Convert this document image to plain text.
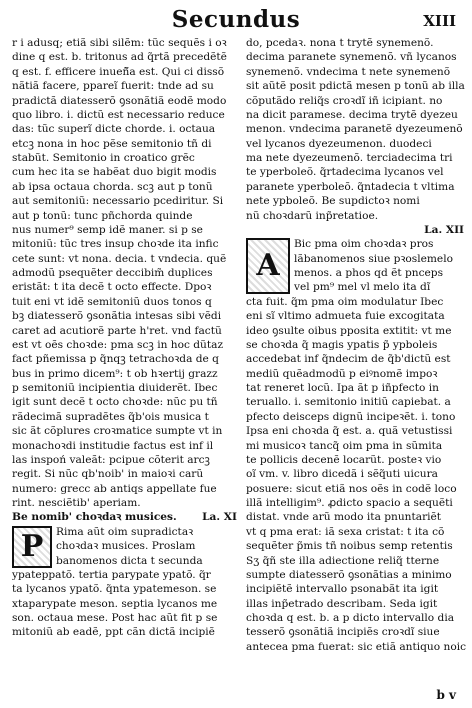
Secundus	XIII
r i adusq; etiã sibi silẽm: tũc sequẽs i oꝛ
dine q est. b. tritonus ad q̃rtã precedẽtẽ
q est. f. efficere inueñ̃a est. Qui ci dissõ
nãtiã facere, ppareĩ fuerit: tnde ad su
pradictã diatesserõ ꝯsonãtiã eodẽ modo
quo libro. i. dictũ est necessario reduce
das: tũc superĩ dicte chorde. i. octaua
etcꝫ nona in hoc pẽse semitonio tñ di
stabũt. Semitonio in croatico grẽc
cum hec ita se habẽat duo bigit modis
ab ipsa octaua chorda. scꝫ aut p tonũ
aut semitoniũ: necessario pcediritur. Si
aut p tonũ: tunc pñchorda quinde
nus numer⁹ semp idẽ maner. si p se
mitoniũ: tũc tres insup choꝛde ita infic
cete sunt: vt nona. decia. t vndecia. quẽ
admodũ psequẽter deccibim̃ duplices
eristãt: t ita decẽ t octo effecte. Dpoꝛ
tuit eni vt idẽ semitoniũ duos tonos q
bꝫ diatesserõ ꝯsonãtia intesas sibi vẽdi
caret ad acutiorẽ parte h'ret. vnd factũ
est vt oẽs choꝛde: pma scꝫ in hoc dũtaz
fact pñemissa p q̃nqꝫ tetrachoꝛda de q
bus in primo dicem⁹: t ob hꝛertij grazz
p semitoniũ incipientia diuiderẽt. Ibec
igit sunt decẽ t octo choꝛde: nũc pu tñ
rãdecimã supradẽtes q̃b'ois musica t
sic ãt cõplures croꝛmatice sumpte vt in
monachoꝛdi institudie factus est inf il
las inspoń valeãt: pcipue cõterit arcꝫ
regit. Si nũc qb'noib' in maioꝛi carũ
numero: grecc ab antiqs appellate fue
rint. nesciẽtib' aperiam.
Be nomib' choꝛdaꝛ musices. La. XI
P	Rima aũt oim supradictaꝛ
choꝛdaꝛ musices. Proslam
banomenos dicta t secunda
ypateppatõ. tertia parypate ypatõ. q̃r
ta lycanos ypatõ. q̃nta ypatemeson. se
xtaparypate meson. septia lycanos me
son. octaua mese. Post hac aũt fit p se
mitoniũ ab eadẽ, ppt cãn dictã incipiẽ
do, pcedaꝛ. nona t trytẽ synemenõ.
decima paranete synemenõ. vñ lycanos
synemenõ. vndecima t nete synemenõ
sit aũtẽ posit pdictã mesen p tonũ ab illa
cõputãdo reliq̃s croꝛdĩ iñ icipiant. no
na dicit paramese. decima trytẽ dyezeu
menon. vndecima paranetẽ dyezeumenõ
vel lycanos dyezeumenon. duodeci
ma nete dyezeumenõ. terciadecima tri
te yperboleõ. q̃rtadecima lycanos vel
paranete yperboleõ. q̃ntadecia t vltima
nete ypboleõ. Be supdictoꝛ nomi
nũ choꝛdarũ inp̃retatioe.
La. XII
A
Bic pma oim choꝛdaꝛ pros
lãbanomenos siue pꝛoslemelo
menos. a phos qd ẽt pnceps
vel pm⁹ mel vl melo ita dĩ
cta fuit. q̃m pma oim modulatur Ibec
eni sĩ vltimo admueta fuie excogitata
ideo ꝯsulte oibus pposita extitit: vt me
se choꝛda q̃ magis ypatis p̃ ypboleis
accedebat inf q̃ndecim de q̃b'dictũ est
mediũ quẽadmodũ p eiꝰnomẽ impoꝛ
tat reneret locũ. Ipa ãt p iñpfecto in
teruallo. i. semitonio initiũ capiebat. a
pfecto deisceps dignũ incipeꝛẽt. i. tono
Ipsa eni choꝛda q̃ est. a. quã vetustissi
mi musicoꝛ tancq̃ oim pma in sũmita
te pollicis decenẽ locarũt. posteꝛ vio
oĩ vm. v. libro dicedã i sẽq̃uti uicura
posuere: sicut etiã nos oẽs in codẽ loco
illã intelligim⁹. ꝓdicto spacio a sequẽti
distat. vnde arũ modo ita pnuntariẽt
vt q pma erat: iã sexa cristat: t ita cõ
sequẽter p̃mis tñ noibus semp retentis
Sʒ q̃ñ ste illa adiectione reliq̃ tterne
sumpte diatesserõ ꝯsonãtias a minimo
incipiẽtẽ intervallo psonabãt ita igit
illas inp̃etrado describam. Seda igit
choꝛda q est. b. a p dicto intervallo dia
tesserõ ꝯsonãtiã incipiẽs croꝛdĩ siue
antecea pma fuerat: sic etiã antiquo noic
b v
